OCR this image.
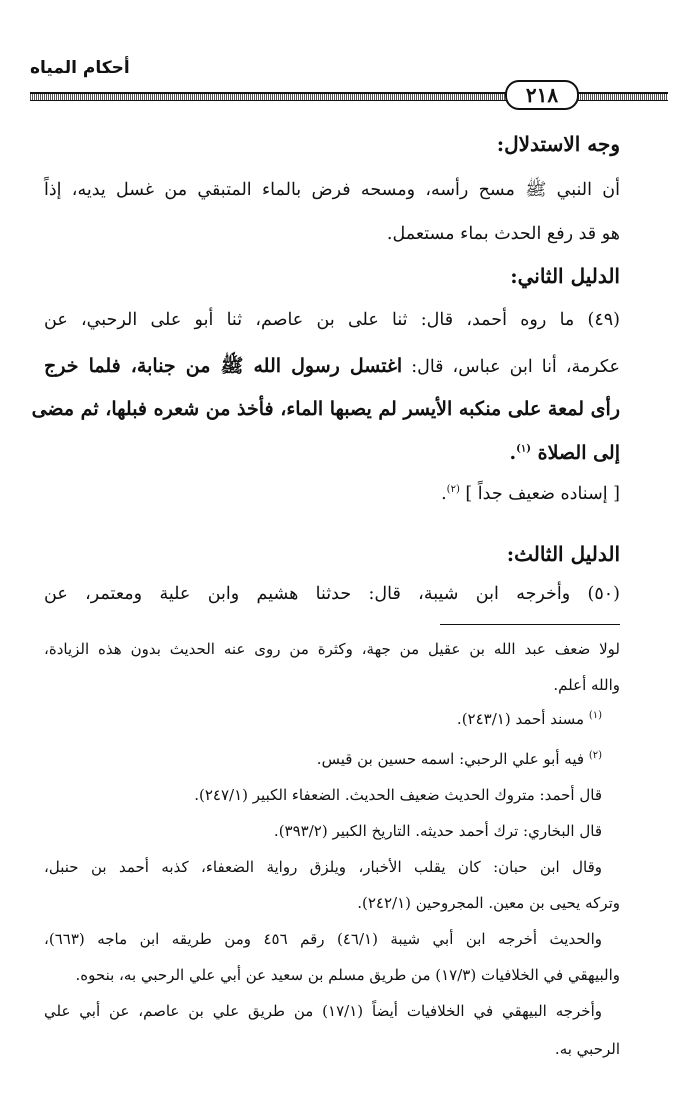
أحكام المياه
٢١٨
وجه الاستدلال:
أن النبي ﷺ مسح رأسه، ومسحه فرض بالماء المتبقي من غسل يديه، إذاً
هو قد رفع الحدث بماء مستعمل.
الدليل الثاني:
(٤٩) ما روه أحمد، قال: ثنا على بن عاصم، ثنا أبو على الرحبي، عن
عكرمة، أنا ابن عباس، قال: اغتسل رسول الله ﷺ من جنابة، فلما خرج
رأى لمعة على منكبه الأيسر لم يصبها الماء، فأخذ من شعره فبلها، ثم مضى
إلى الصلاة $^{(١)}$.
[ إسناده ضعيف جداً ] $^{(٢)}$.
الدليل الثالث:
(٥٠) وأخرجه ابن شيبة، قال: حدثنا هشيم وابن علية ومعتمر، عن
لولا ضعف عبد الله بن عقيل من جهة، وكثرة من روى عنه الحديث بدون هذه الزيادة،
والله أعلم.
$^{(١)}$ مسند أحمد (٢٤٣/١).
$^{(٢)}$ فيه أبو علي الرحبي: اسمه حسين بن قيس.
قال أحمد: متروك الحديث ضعيف الحديث. الضعفاء الكبير (٢٤٧/١).
قال البخاري: ترك أحمد حديثه. التاريخ الكبير (٣٩٣/٢).
وقال ابن حبان: كان يقلب الأخبار، ويلزق رواية الضعفاء، كذبه أحمد بن حنبل،
وتركه يحيى بن معين. المجروحين (٢٤٢/١).
والحديث أخرجه ابن أبي شيبة (٤٦/١) رقم ٤٥٦ ومن طريقه ابن ماجه (٦٦٣)،
والبيهقي في الخلافيات (١٧/٣) من طريق مسلم بن سعيد عن أبي علي الرحبي به، بنحوه.
وأخرجه البيهقي في الخلافيات أيضاً (١٧/١) من طريق علي بن عاصم، عن أبي علي
الرحبي به.
